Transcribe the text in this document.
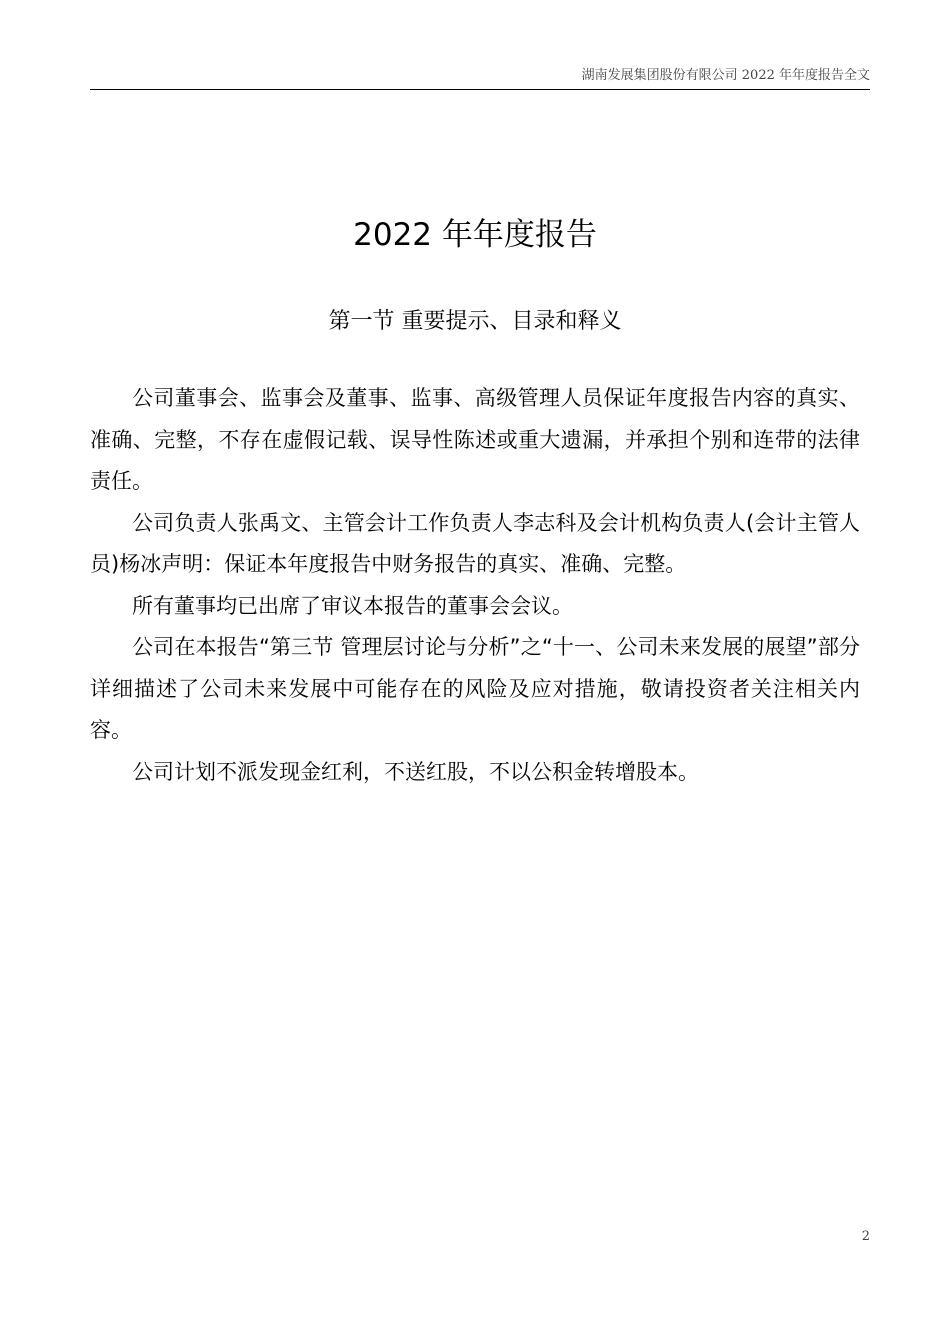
湖南发展集团股份有限公司 2022 年年度报告全文
2022 年年度报告
第一节 重要提示、目录和释义

公司董事会、监事会及董事、监事、高级管理人员保证年度报告内容的真实、准确、完整，不存在虚假记载、误导性陈述或重大遗漏，并承担个别和连带的法律责任。

公司负责人张禹文、主管会计工作负责人李志科及会计机构负责人(会计主管人员)杨冰声明：保证本年度报告中财务报告的真实、准确、完整。

所有董事均已出席了审议本报告的董事会会议。

公司在本报告“第三节 管理层讨论与分析”之“十一、公司未来发展的展望”部分详细描述了公司未来发展中可能存在的风险及应对措施，敬请投资者关注相关内容。

公司计划不派发现金红利，不送红股，不以公积金转增股本。

2
